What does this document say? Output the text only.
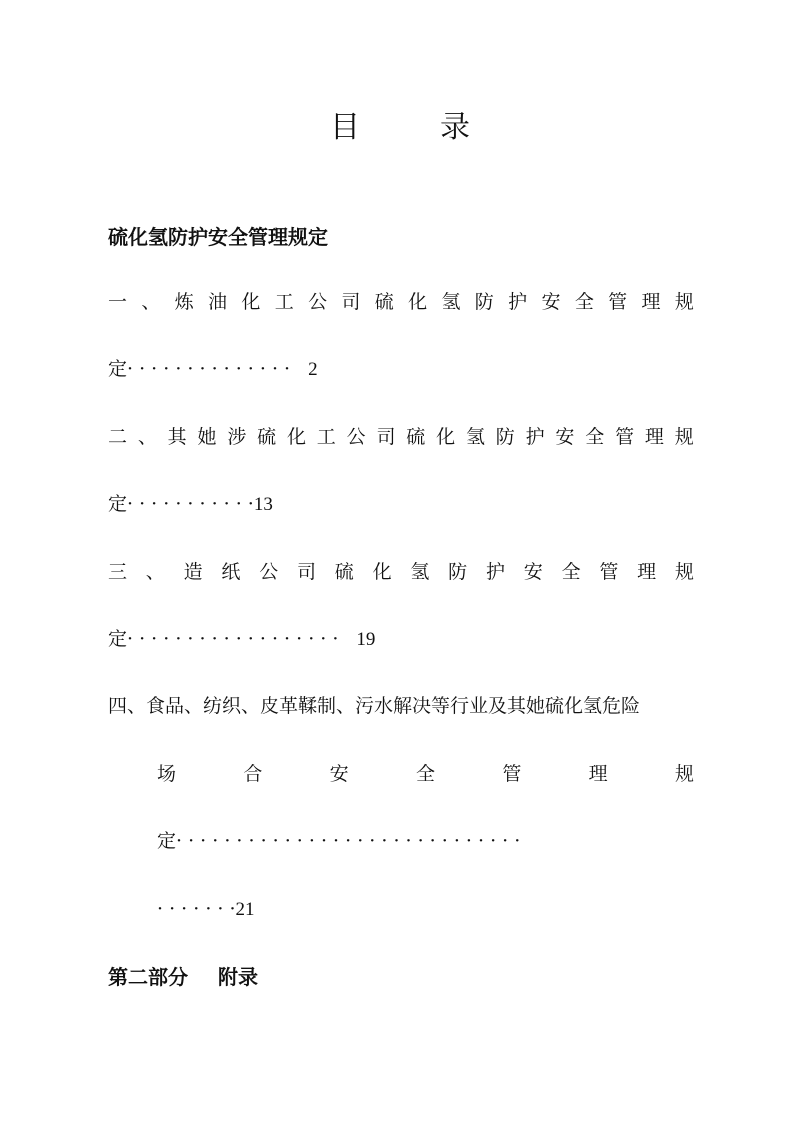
目	录
硫化氢防护安全管理规定
一 、 炼 油 化 工 公 司 硫 化 氢 防 护 安 全 管 理 规
定· · · · · · · · · · · · · · 2
二 、 其 她 涉 硫 化 工 公 司 硫 化 氢 防 护 安 全 管 理 规
定· · · · · · · · · · ·13
三 、 造 纸 公 司 硫 化 氢 防 护 安 全 管 理 规
定· · · · · · · · · · · · · · · · · · 19
四、食品、纺织、皮革鞣制、污水解决等行业及其她硫化氢危险
场	合	安	全	管	理	规
定· · · · · · · · · · · · · · · · · · · · · · · · · · · · ·
· · · · · · ·21
第二部分 附录
